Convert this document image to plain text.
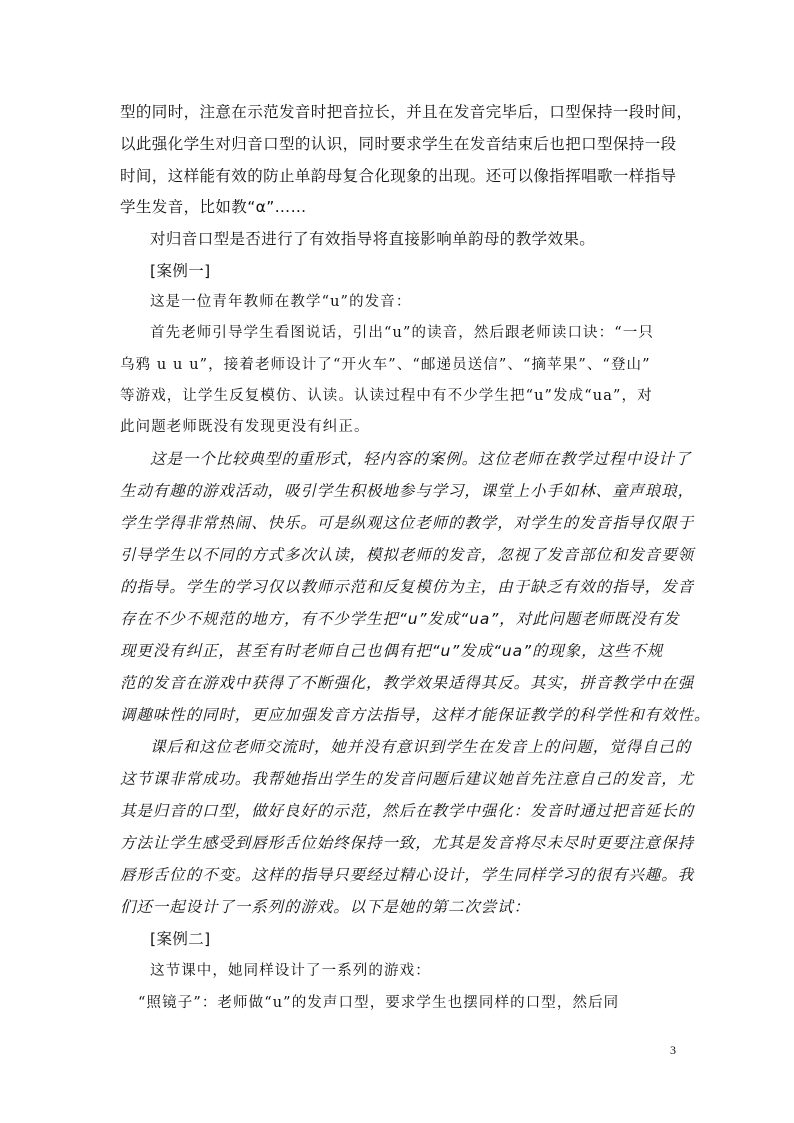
型的同时，注意在示范发音时把音拉长，并且在发音完毕后，口型保持一段时间，
以此强化学生对归音口型的认识，同时要求学生在发音结束后也把口型保持一段
时间，这样能有效的防止单韵母复合化现象的出现。还可以像指挥唱歌一样指导
学生发音，比如教“α”……
对归音口型是否进行了有效指导将直接影响单韵母的教学效果。
[案例一]
这是一位青年教师在教学“u”的发音：
首先老师引导学生看图说话，引出“u”的读音，然后跟老师读口诀：“一只
乌鸦 u u u”，接着老师设计了“开火车”、“邮递员送信”、“摘苹果”、“登山”
等游戏，让学生反复模仿、认读。认读过程中有不少学生把“u”发成“ua”，对
此问题老师既没有发现更没有纠正。
这是一个比较典型的重形式，轻内容的案例。这位老师在教学过程中设计了
生动有趣的游戏活动，吸引学生积极地参与学习，课堂上小手如林、童声琅琅，
学生学得非常热闹、快乐。可是纵观这位老师的教学，对学生的发音指导仅限于
引导学生以不同的方式多次认读，模拟老师的发音，忽视了发音部位和发音要领
的指导。学生的学习仅以教师示范和反复模仿为主，由于缺乏有效的指导，发音
存在不少不规范的地方，有不少学生把“u”发成“ua”，对此问题老师既没有发
现更没有纠正，甚至有时老师自己也偶有把“u”发成“ua”的现象，这些不规
范的发音在游戏中获得了不断强化，教学效果适得其反。其实，拼音教学中在强
调趣味性的同时，更应加强发音方法指导，这样才能保证教学的科学性和有效性。
课后和这位老师交流时，她并没有意识到学生在发音上的问题，觉得自己的
这节课非常成功。我帮她指出学生的发音问题后建议她首先注意自己的发音，尤
其是归音的口型，做好良好的示范，然后在教学中强化：发音时通过把音延长的
方法让学生感受到唇形舌位始终保持一致，尤其是发音将尽未尽时更要注意保持
唇形舌位的不变。这样的指导只要经过精心设计，学生同样学习的很有兴趣。我
们还一起设计了一系列的游戏。以下是她的第二次尝试：
[案例二]
这节课中，她同样设计了一系列的游戏：
“照镜子”：老师做“u”的发声口型，要求学生也摆同样的口型，然后同
3
